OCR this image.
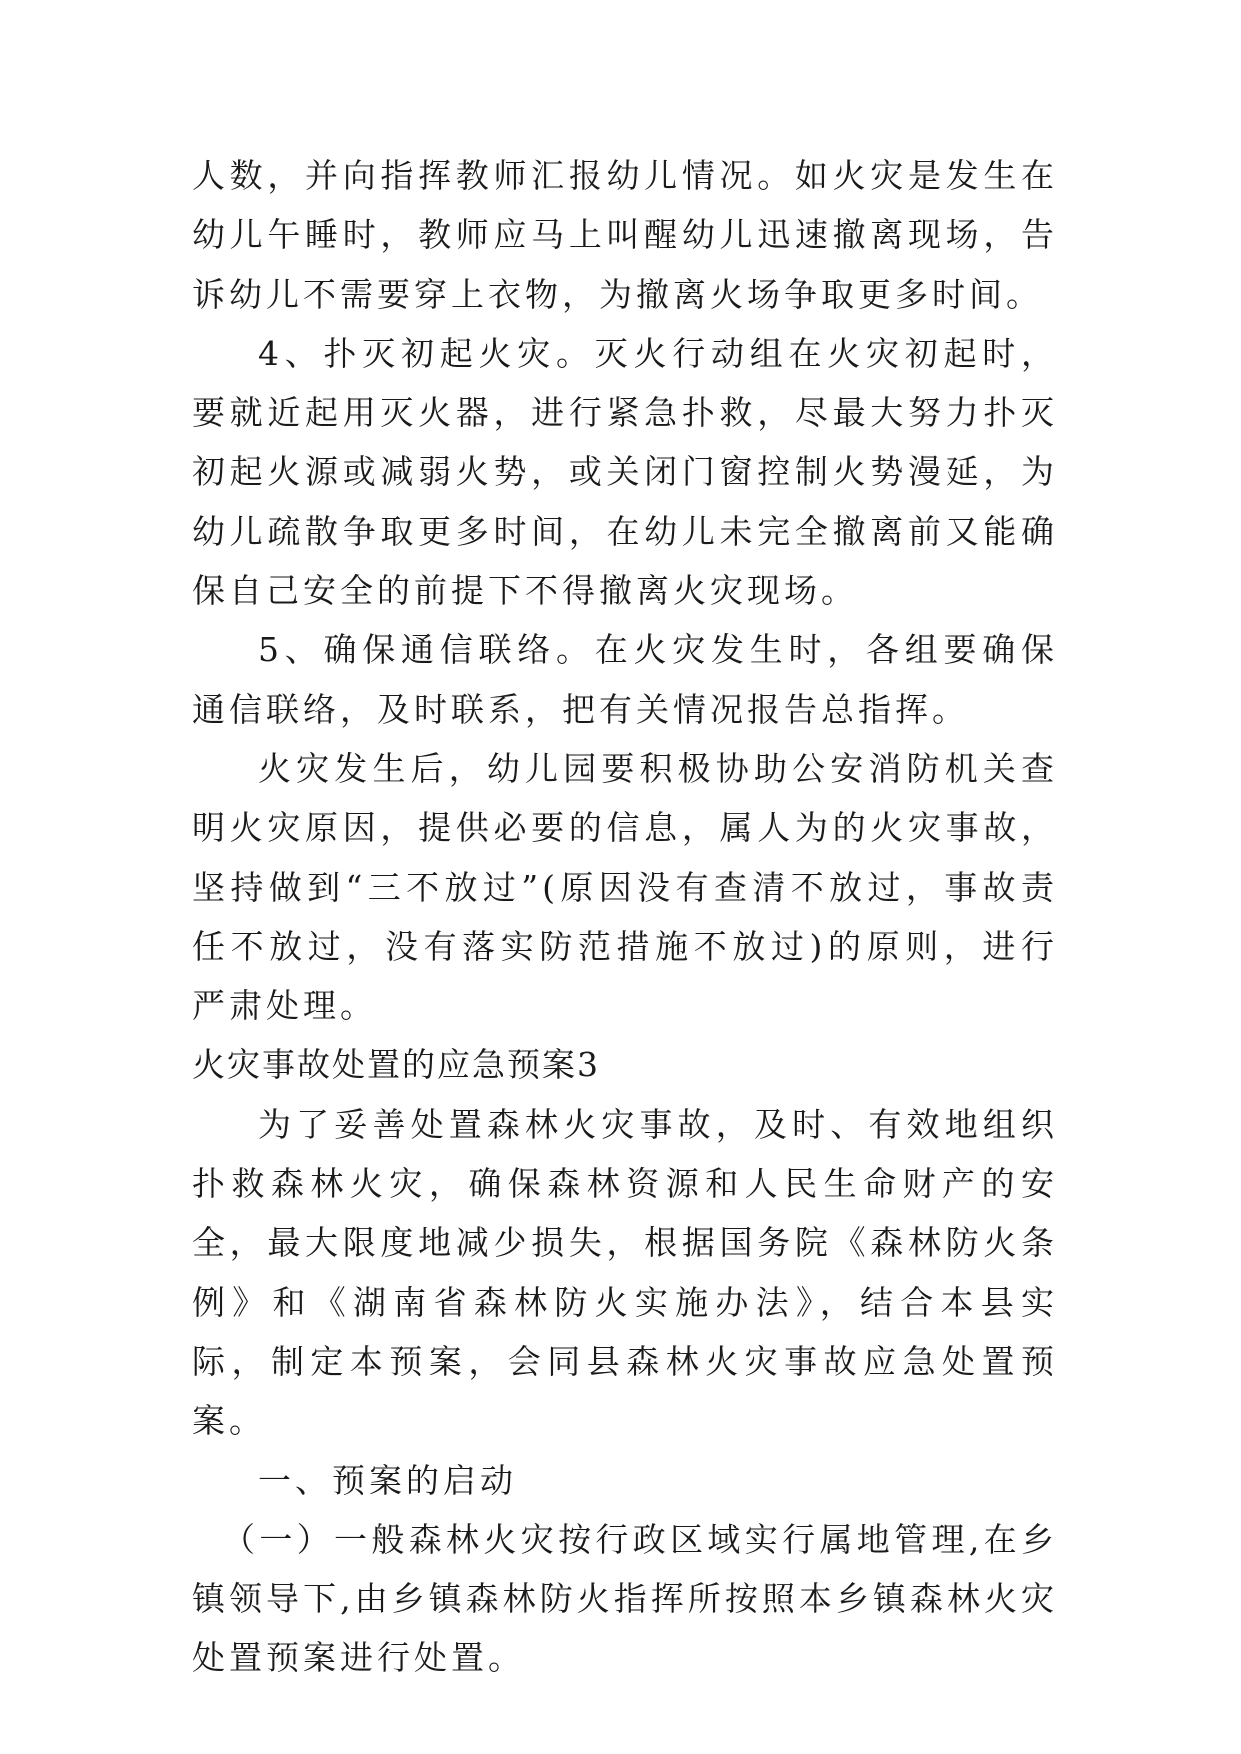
人数，并向指挥教师汇报幼儿情况。如火灾是发生在幼儿午睡时，教师应马上叫醒幼儿迅速撤离现场，告诉幼儿不需要穿上衣物，为撤离火场争取更多时间。

4、扑灭初起火灾。灭火行动组在火灾初起时，要就近起用灭火器，进行紧急扑救，尽最大努力扑灭初起火源或减弱火势，或关闭门窗控制火势漫延，为幼儿疏散争取更多时间，在幼儿未完全撤离前又能确保自己安全的前提下不得撤离火灾现场。

5、确保通信联络。在火灾发生时，各组要确保通信联络，及时联系，把有关情况报告总指挥。

火灾发生后，幼儿园要积极协助公安消防机关查明火灾原因，提供必要的信息，属人为的火灾事故，坚持做到“三不放过”(原因没有查清不放过，事故责任不放过，没有落实防范措施不放过)的原则，进行严肃处理。

火灾事故处置的应急预案3

为了妥善处置森林火灾事故，及时、有效地组织扑救森林火灾，确保森林资源和人民生命财产的安全，最大限度地减少损失，根据国务院《森林防火条例》和《湖南省森林防火实施办法》，结合本县实际，制定本预案，会同县森林火灾事故应急处置预案。

一、预案的启动

（一）一般森林火灾按行政区域实行属地管理,在乡镇领导下,由乡镇森林防火指挥所按照本乡镇森林火灾处置预案进行处置。
